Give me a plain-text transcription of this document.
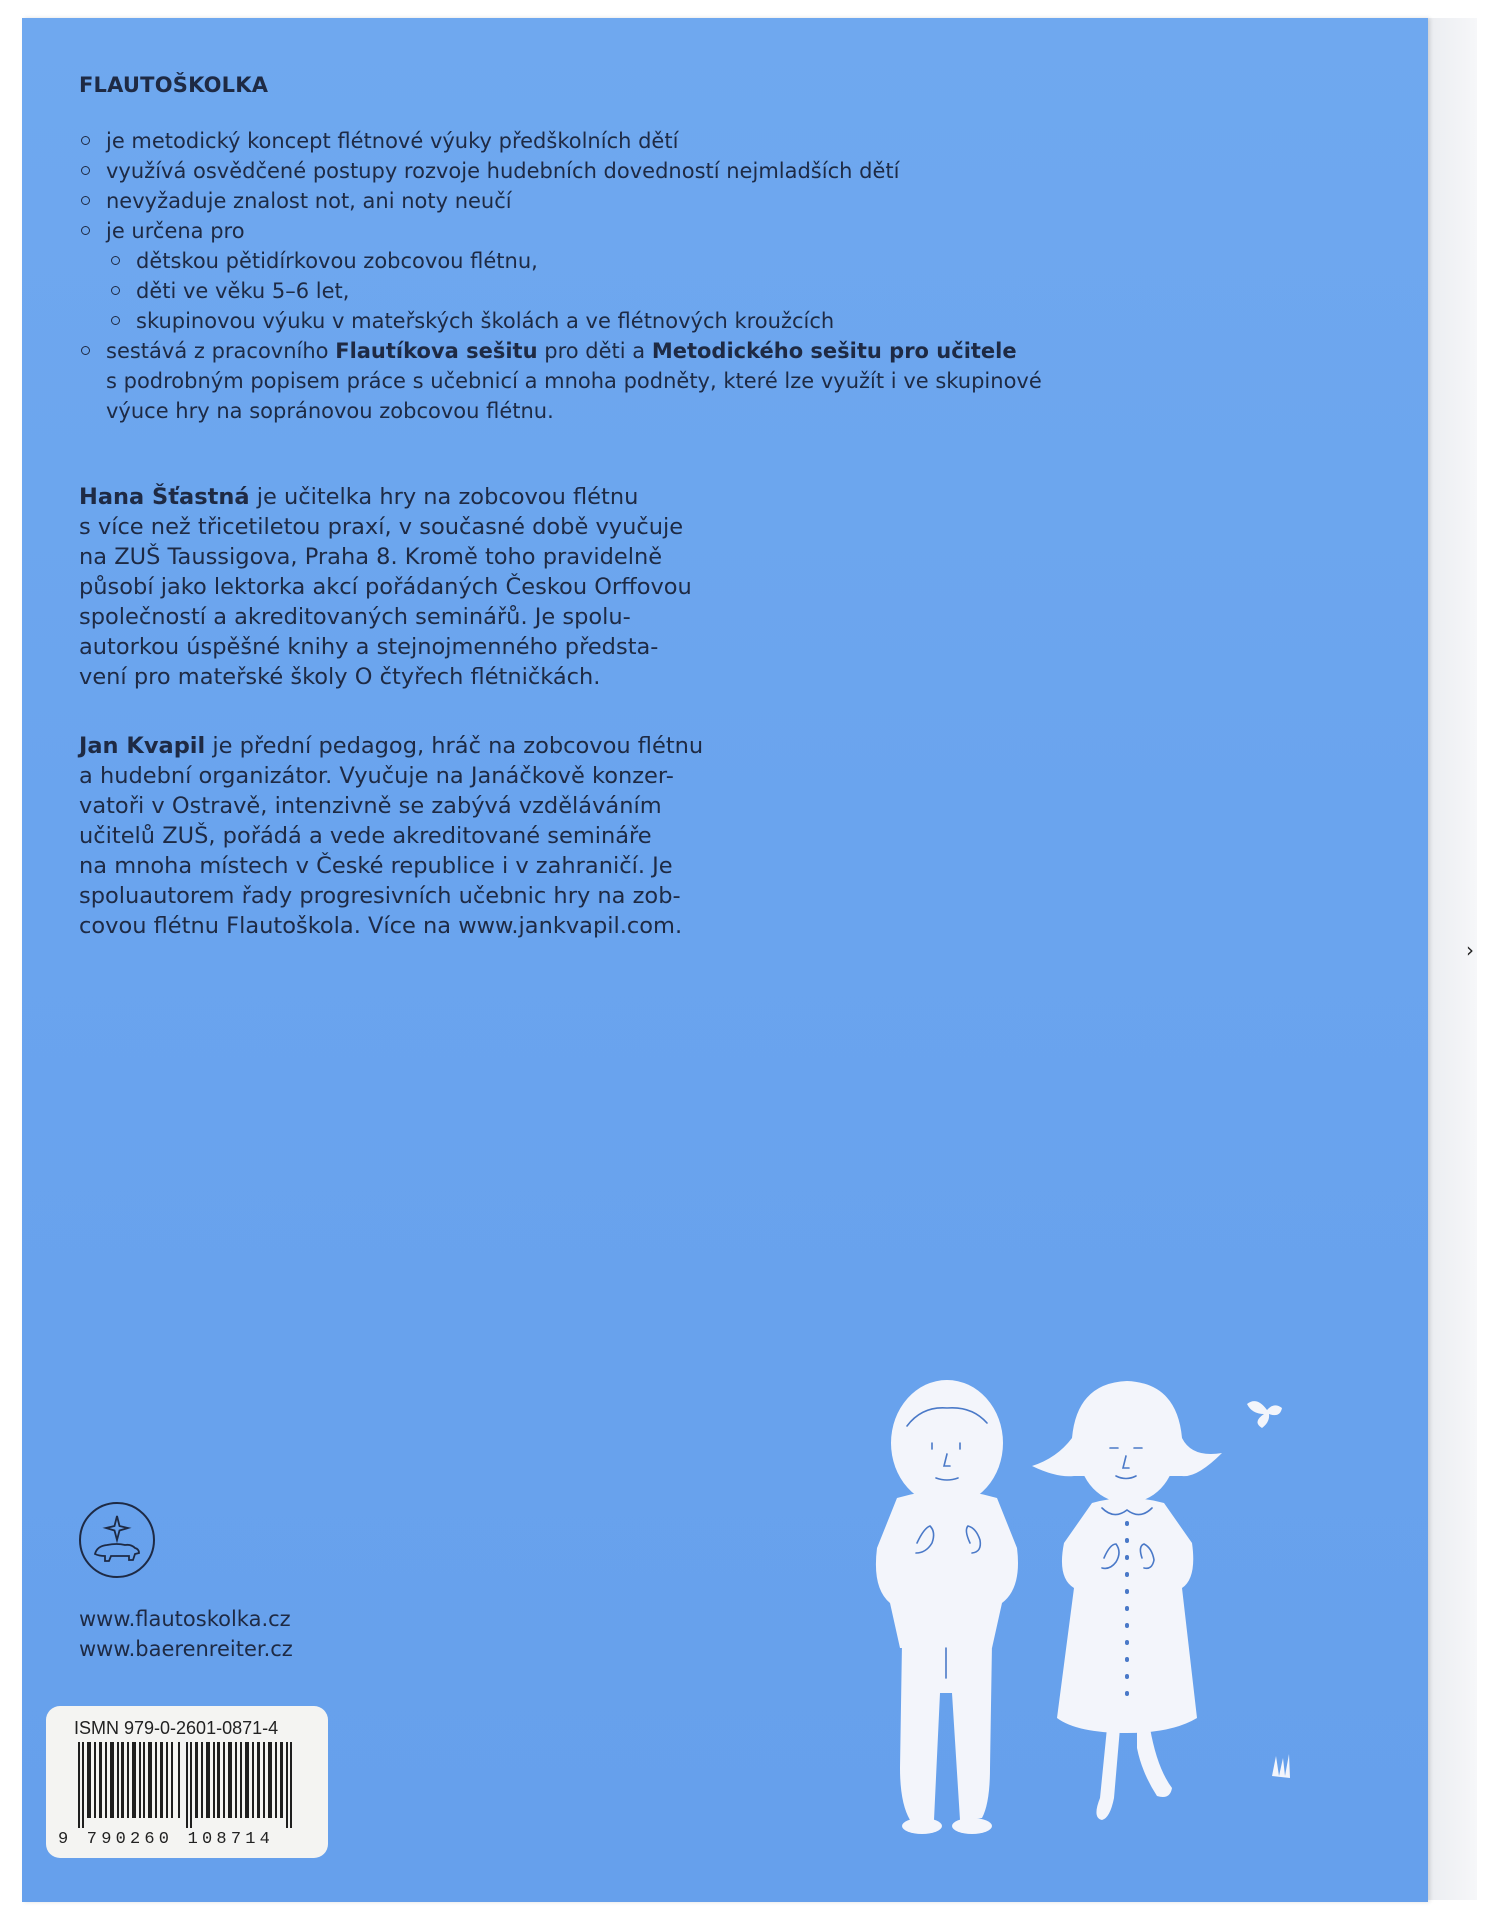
›
FLAUTOŠKOLKA
je metodický koncept flétnové výuky předškolních dětí
využívá osvědčené postupy rozvoje hudebních dovedností nejmladších dětí
nevyžaduje znalost not, ani noty neučí
je určena pro
dětskou pětidírkovou zobcovou flétnu,
děti ve věku 5–6 let,
skupinovou výuku v mateřských školách a ve flétnových kroužcích
sestává z pracovního Flautíkova sešitu pro děti a Metodického sešitu pro učitele
s podrobným popisem práce s učebnicí a mnoha podněty, které lze využít i ve skupinové
výuce hry na sopránovou zobcovou flétnu.
Hana Šťastná je učitelka hry na zobcovou flétnu
s více než třicetiletou praxí, v současné době vyučuje
na ZUŠ Taussigova, Praha 8. Kromě toho pravidelně
působí jako lektorka akcí pořádaných Českou Orffovou
společností a akreditovaných seminářů. Je spolu-
autorkou úspěšné knihy a stejnojmenného předsta-
vení pro mateřské školy O čtyřech flétničkách.
Jan Kvapil je přední pedagog, hráč na zobcovou flétnu
a hudební organizátor. Vyučuje na Janáčkově konzer-
vatoři v Ostravě, intenzivně se zabývá vzděláváním
učitelů ZUŠ, pořádá a vede akreditované semináře
na mnoha místech v České republice i v zahraničí. Je
spoluautorem řady progresivních učebnic hry na zob-
covou flétnu Flautoškola. Více na www.jankvapil.com.
www.flautoskolka.cz
www.baerenreiter.cz
ISMN 979-0-2601-0871-4
9 790260 108714
